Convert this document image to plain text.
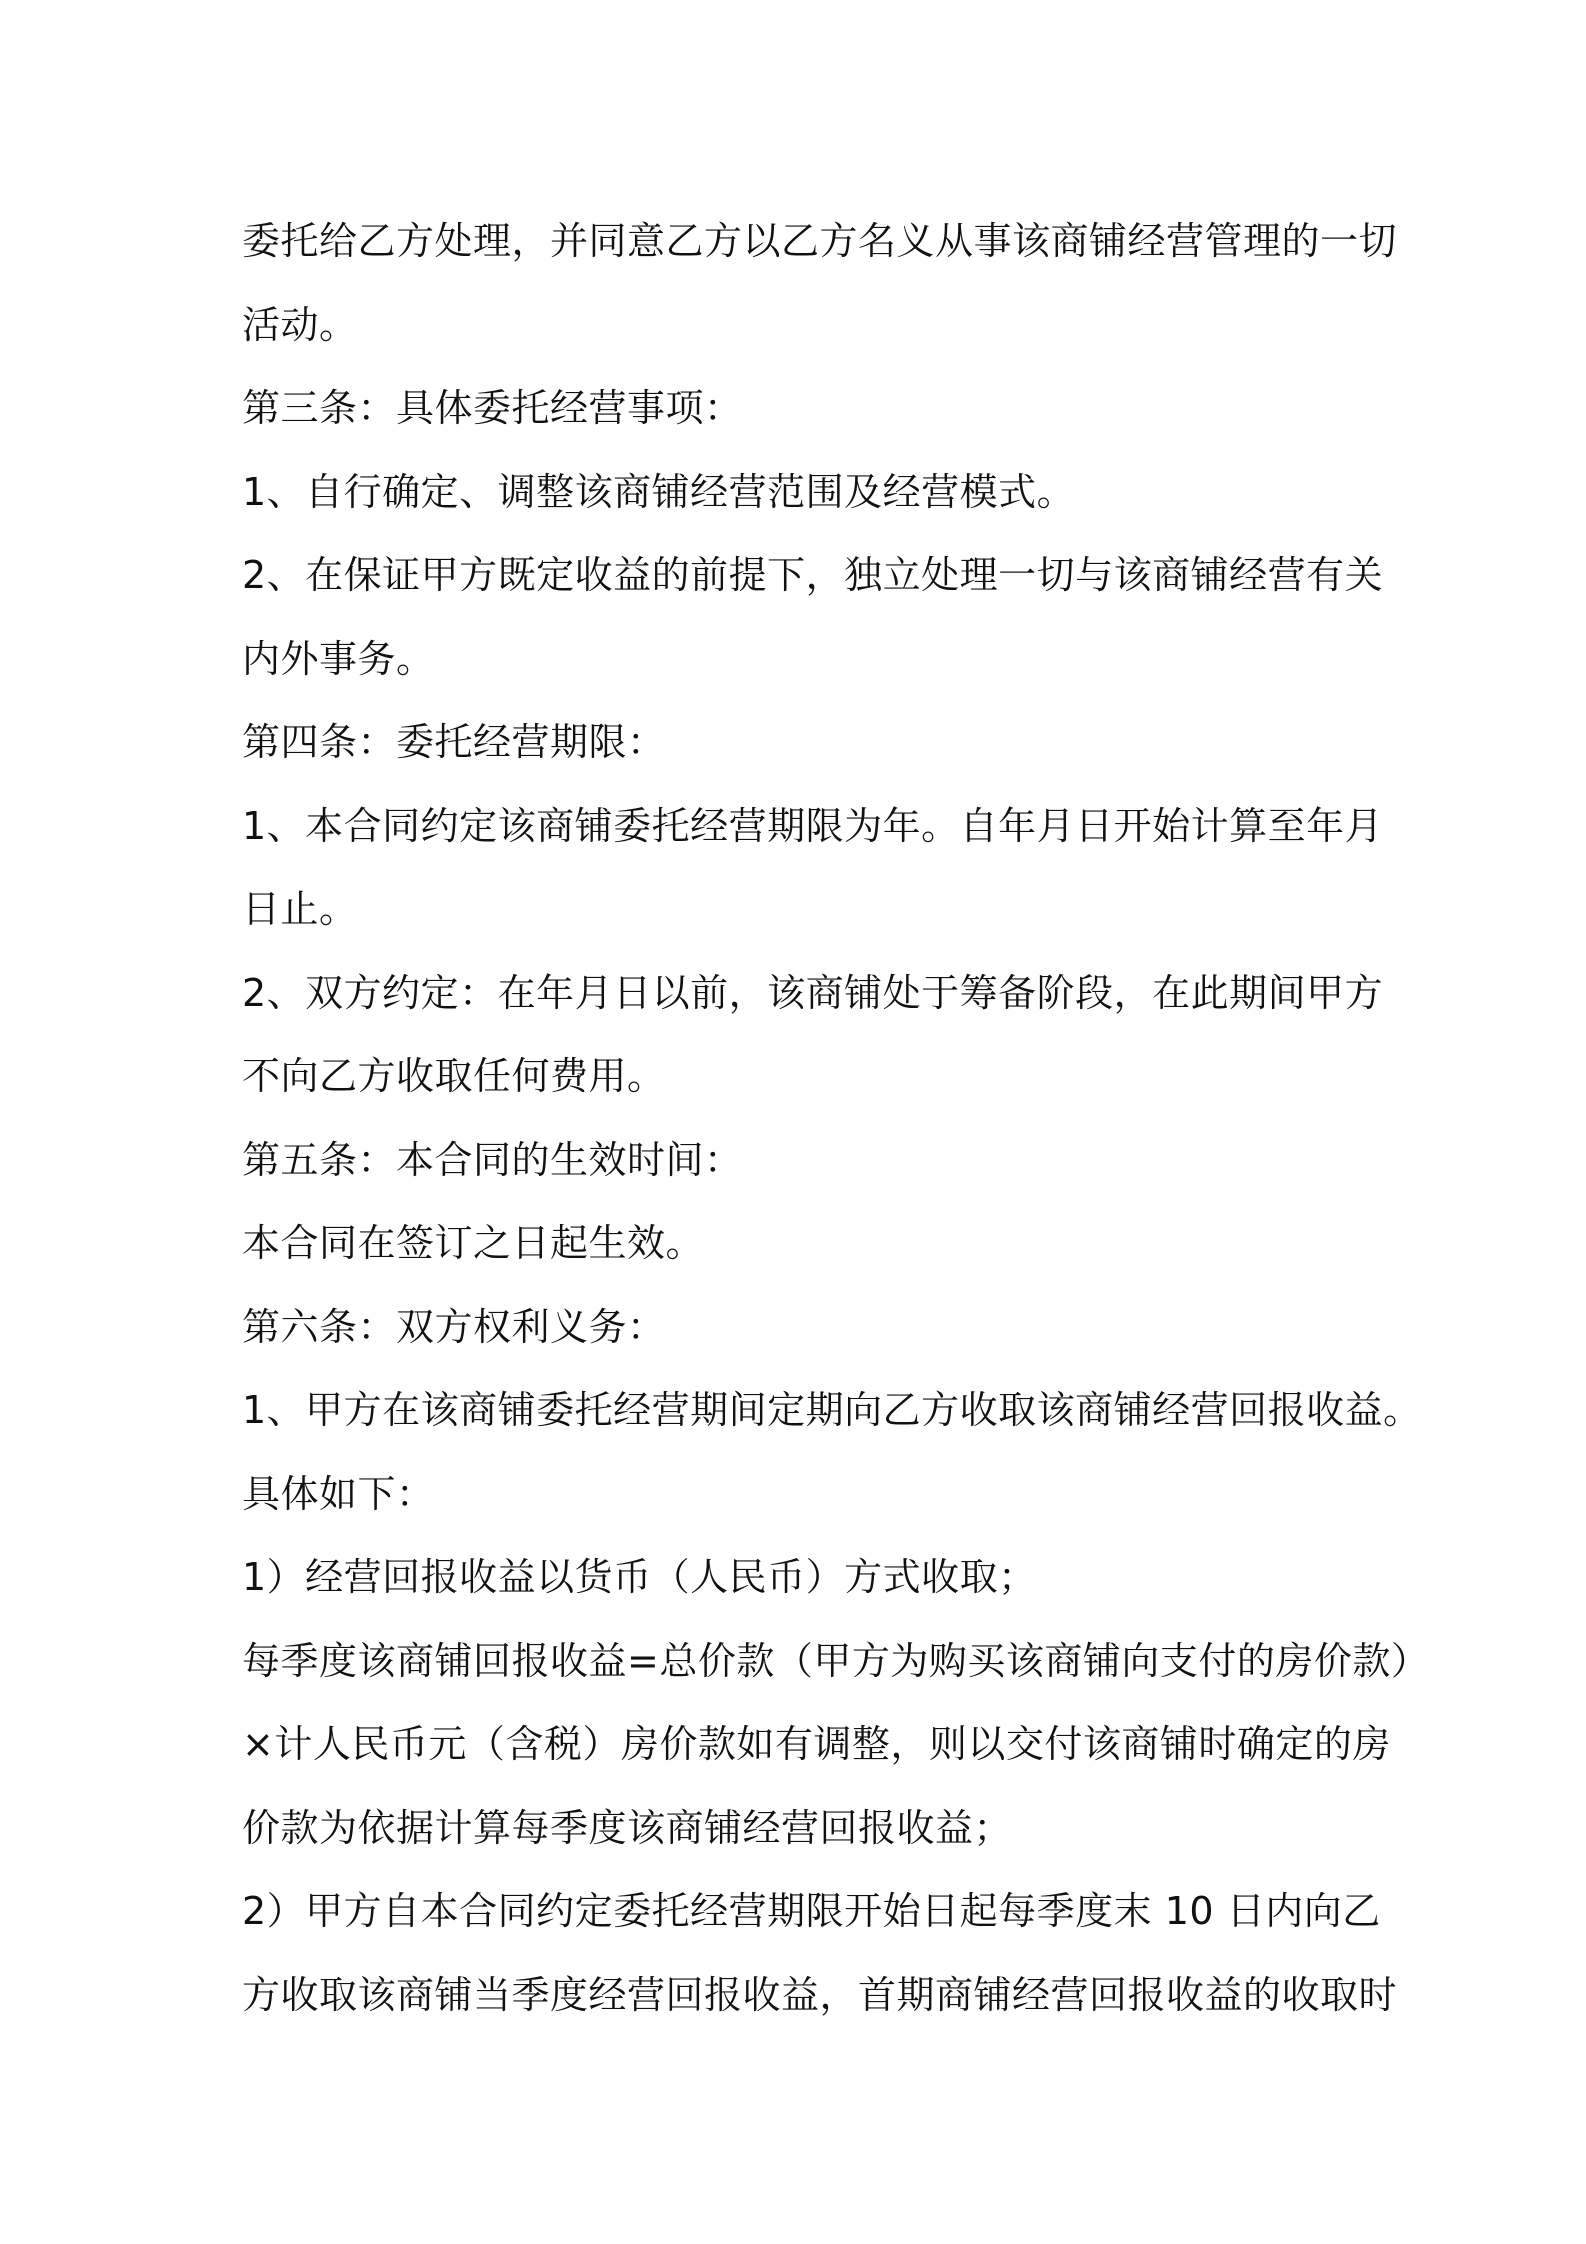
委托给乙方处理，并同意乙方以乙方名义从事该商铺经营管理的一切
活动。
第三条：具体委托经营事项：
1、自行确定、调整该商铺经营范围及经营模式。
2、在保证甲方既定收益的前提下，独立处理一切与该商铺经营有关
内外事务。
第四条：委托经营期限：
1、本合同约定该商铺委托经营期限为年。自年月日开始计算至年月
日止。
2、双方约定：在年月日以前，该商铺处于筹备阶段，在此期间甲方
不向乙方收取任何费用。
第五条：本合同的生效时间：
本合同在签订之日起生效。
第六条：双方权利义务：
1、甲方在该商铺委托经营期间定期向乙方收取该商铺经营回报收益。
具体如下：
1）经营回报收益以货币（人民币）方式收取；
每季度该商铺回报收益=总价款（甲方为购买该商铺向支付的房价款）
×计人民币元（含税）房价款如有调整，则以交付该商铺时确定的房
价款为依据计算每季度该商铺经营回报收益；
2）甲方自本合同约定委托经营期限开始日起每季度末 10 日内向乙
方收取该商铺当季度经营回报收益，首期商铺经营回报收益的收取时
